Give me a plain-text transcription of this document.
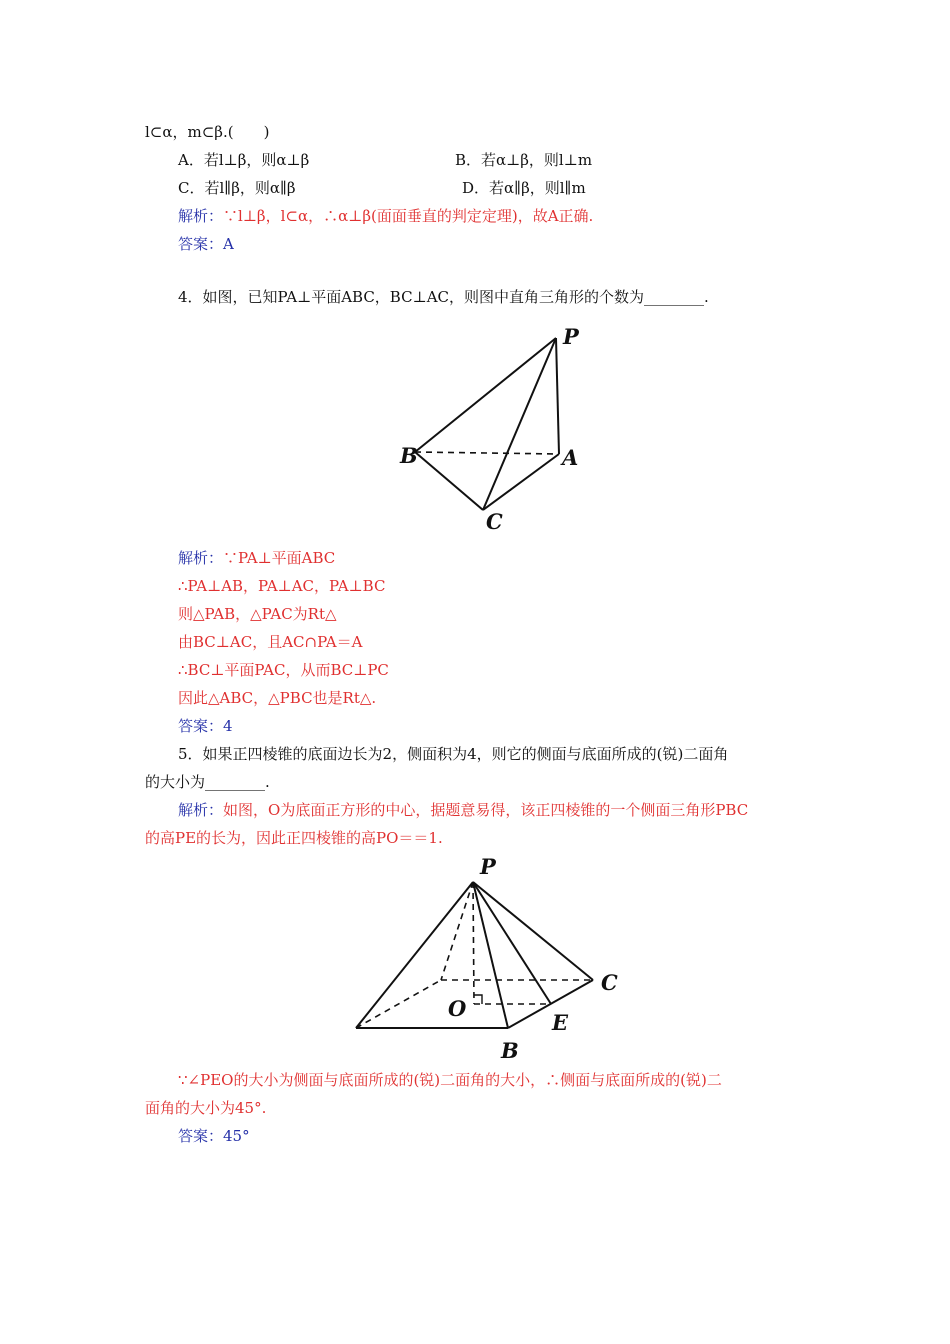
l⊂α，m⊂β.(　　)
A．若l⊥β，则α⊥β	B．若α⊥β，则l⊥m
C．若l∥β，则α∥β	D．若α∥β，则l∥m
解析：∵l⊥β，l⊂α，∴α⊥β(面面垂直的判定定理)，故A正确.
答案：A
4．如图，已知PA⊥平面ABC，BC⊥AC，则图中直角三角形的个数为________.
P
A
B
C
解析：∵PA⊥平面ABC
∴PA⊥AB，PA⊥AC，PA⊥BC
则△PAB，△PAC为Rt△
由BC⊥AC，且AC∩PA＝A
∴BC⊥平面PAC，从而BC⊥PC
因此△ABC，△PBC也是Rt△.
答案：4
5．如果正四棱锥的底面边长为2，侧面积为4，则它的侧面与底面所成的(锐)二面角
的大小为________.
解析：如图，O为底面正方形的中心，据题意易得，该正四棱锥的一个侧面三角形PBC
的高PE的长为，因此正四棱锥的高PO＝＝1.
P
O
B
C
E
∵∠PEO的大小为侧面与底面所成的(锐)二面角的大小，∴侧面与底面所成的(锐)二
面角的大小为45°.
答案：45°
